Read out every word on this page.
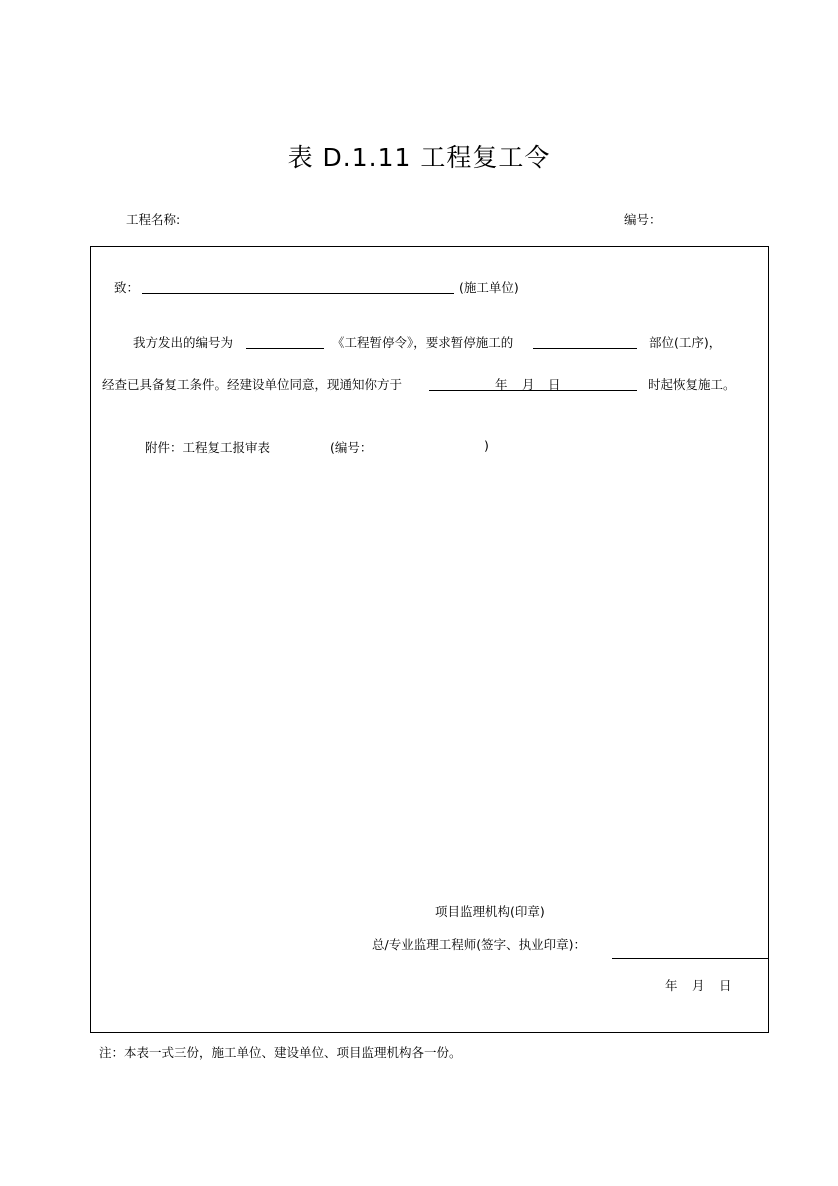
表 D.1.11 工程复工令
工程名称:	编号：
致：	(施工单位)
我方发出的编号为	《工程暂停令》，要求暂停施工的	部位(工序)，
经查已具备复工条件。经建设单位同意，现通知你方于	年 月 日	时起恢复施工。
附件：工程复工报审表	(编号：	)
项目监理机构(印章)
总/专业监理工程师(签字、执业印章)：
年 月 日
注：本表一式三份，施工单位、建设单位、项目监理机构各一份。
